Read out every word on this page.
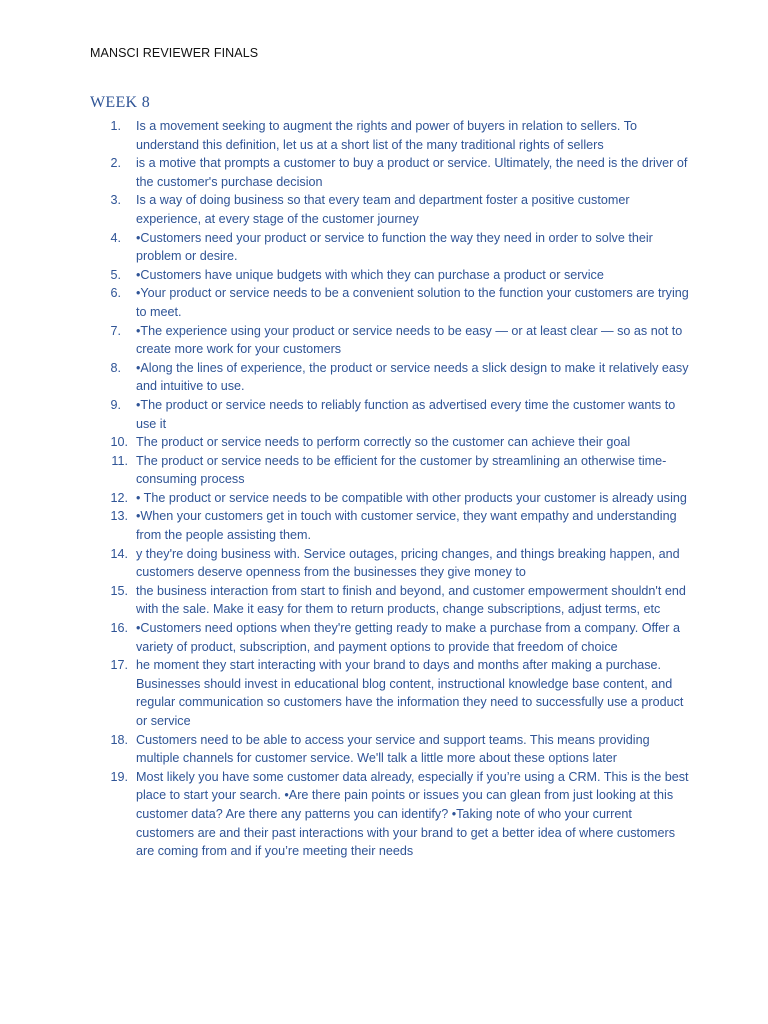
MANSCI REVIEWER FINALS
WEEK 8
1. Is a movement seeking to augment the rights and power of buyers in relation to sellers. To understand this definition, let us at a short list of the many traditional rights of sellers
2. is a motive that prompts a customer to buy a product or service. Ultimately, the need is the driver of the customer's purchase decision
3. Is a way of doing business so that every team and department foster a positive customer experience, at every stage of the customer journey
4. •Customers need your product or service to function the way they need in order to solve their problem or desire.
5. •Customers have unique budgets with which they can purchase a product or service
6. •Your product or service needs to be a convenient solution to the function your customers are trying to meet.
7. •The experience using your product or service needs to be easy — or at least clear — so as not to create more work for your customers
8. •Along the lines of experience, the product or service needs a slick design to make it relatively easy and intuitive to use.
9. •The product or service needs to reliably function as advertised every time the customer wants to use it
10. The product or service needs to perform correctly so the customer can achieve their goal
11. The product or service needs to be efficient for the customer by streamlining an otherwise time-consuming process
12. • The product or service needs to be compatible with other products your customer is already using
13. •When your customers get in touch with customer service, they want empathy and understanding from the people assisting them.
14. y they're doing business with. Service outages, pricing changes, and things breaking happen, and customers deserve openness from the businesses they give money to
15. the business interaction from start to finish and beyond, and customer empowerment shouldn't end with the sale. Make it easy for them to return products, change subscriptions, adjust terms, etc
16. •Customers need options when they're getting ready to make a purchase from a company. Offer a variety of product, subscription, and payment options to provide that freedom of choice
17. he moment they start interacting with your brand to days and months after making a purchase. Businesses should invest in educational blog content, instructional knowledge base content, and regular communication so customers have the information they need to successfully use a product or service
18. Customers need to be able to access your service and support teams. This means providing multiple channels for customer service. We'll talk a little more about these options later
19. Most likely you have some customer data already, especially if you’re using a CRM. This is the best place to start your search. •Are there pain points or issues you can glean from just looking at this customer data? Are there any patterns you can identify? •Taking note of who your current customers are and their past interactions with your brand to get a better idea of where customers are coming from and if you’re meeting their needs
